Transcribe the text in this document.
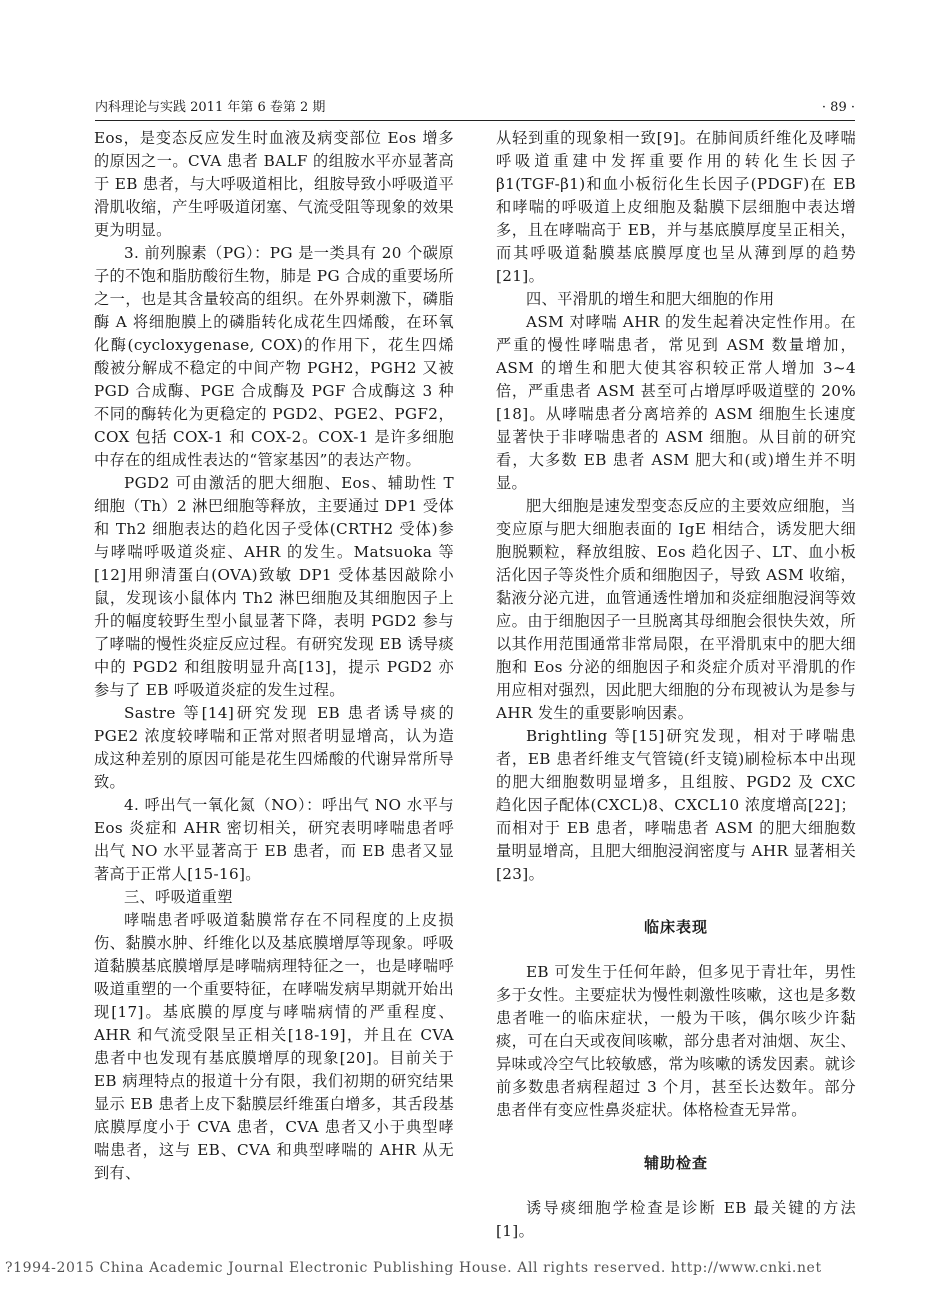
内科理论与实践 2011 年第 6 卷第 2 期	· 89 ·

Eos，是变态反应发生时血液及病变部位 Eos 增多的原因之一。CVA 患者 BALF 的组胺水平亦显著高于 EB 患者，与大呼吸道相比，组胺导致小呼吸道平滑肌收缩，产生呼吸道闭塞、气流受阻等现象的效果更为明显。

3. 前列腺素（PG）：PG 是一类具有 20 个碳原子的不饱和脂肪酸衍生物，肺是 PG 合成的重要场所之一，也是其含量较高的组织。在外界刺激下，磷脂酶 A 将细胞膜上的磷脂转化成花生四烯酸，在环氧化酶(cycloxygenase, COX)的作用下，花生四烯酸被分解成不稳定的中间产物 PGH2，PGH2 又被 PGD 合成酶、PGE 合成酶及 PGF 合成酶这 3 种不同的酶转化为更稳定的 PGD2、PGE2、PGF2，COX 包括 COX-1 和 COX-2。COX-1 是许多细胞中存在的组成性表达的“管家基因”的表达产物。

PGD2 可由激活的肥大细胞、Eos、辅助性 T 细胞（Th）2 淋巴细胞等释放，主要通过 DP1 受体和 Th2 细胞表达的趋化因子受体(CRTH2 受体)参与哮喘呼吸道炎症、AHR 的发生。Matsuoka 等[12]用卵清蛋白(OVA)致敏 DP1 受体基因敲除小鼠，发现该小鼠体内 Th2 淋巴细胞及其细胞因子上升的幅度较野生型小鼠显著下降，表明 PGD2 参与了哮喘的慢性炎症反应过程。有研究发现 EB 诱导痰中的 PGD2 和组胺明显升高[13]，提示 PGD2 亦参与了 EB 呼吸道炎症的发生过程。

Sastre 等[14]研究发现 EB 患者诱导痰的 PGE2 浓度较哮喘和正常对照者明显增高，认为造成这种差别的原因可能是花生四烯酸的代谢异常所导致。

4. 呼出气一氧化氮（NO）：呼出气 NO 水平与 Eos 炎症和 AHR 密切相关，研究表明哮喘患者呼出气 NO 水平显著高于 EB 患者，而 EB 患者又显著高于正常人[15-16]。

三、呼吸道重塑

哮喘患者呼吸道黏膜常存在不同程度的上皮损伤、黏膜水肿、纤维化以及基底膜增厚等现象。呼吸道黏膜基底膜增厚是哮喘病理特征之一，也是哮喘呼吸道重塑的一个重要特征，在哮喘发病早期就开始出现[17]。基底膜的厚度与哮喘病情的严重程度、AHR 和气流受限呈正相关[18-19]，并且在 CVA 患者中也发现有基底膜增厚的现象[20]。目前关于 EB 病理特点的报道十分有限，我们初期的研究结果显示 EB 患者上皮下黏膜层纤维蛋白增多，其舌段基底膜厚度小于 CVA 患者，CVA 患者又小于典型哮喘患者，这与 EB、CVA 和典型哮喘的 AHR 从无到有、

从轻到重的现象相一致[9]。在肺间质纤维化及哮喘呼吸道重建中发挥重要作用的转化生长因子 β1(TGF-β1)和血小板衍化生长因子(PDGF)在 EB 和哮喘的呼吸道上皮细胞及黏膜下层细胞中表达增多，且在哮喘高于 EB，并与基底膜厚度呈正相关，而其呼吸道黏膜基底膜厚度也呈从薄到厚的趋势[21]。

四、平滑肌的增生和肥大细胞的作用

ASM 对哮喘 AHR 的发生起着决定性作用。在严重的慢性哮喘患者，常见到 ASM 数量增加，ASM 的增生和肥大使其容积较正常人增加 3~4 倍，严重患者 ASM 甚至可占增厚呼吸道壁的 20%[18]。从哮喘患者分离培养的 ASM 细胞生长速度显著快于非哮喘患者的 ASM 细胞。从目前的研究看，大多数 EB 患者 ASM 肥大和(或)增生并不明显。

肥大细胞是速发型变态反应的主要效应细胞，当变应原与肥大细胞表面的 IgE 相结合，诱发肥大细胞脱颗粒，释放组胺、Eos 趋化因子、LT、血小板活化因子等炎性介质和细胞因子，导致 ASM 收缩，黏液分泌亢进，血管通透性增加和炎症细胞浸润等效应。由于细胞因子一旦脱离其母细胞会很快失效，所以其作用范围通常非常局限，在平滑肌束中的肥大细胞和 Eos 分泌的细胞因子和炎症介质对平滑肌的作用应相对强烈，因此肥大细胞的分布现被认为是参与 AHR 发生的重要影响因素。

Brightling 等[15]研究发现，相对于哮喘患者，EB 患者纤维支气管镜(纤支镜)刷检标本中出现的肥大细胞数明显增多，且组胺、PGD2 及 CXC 趋化因子配体(CXCL)8、CXCL10 浓度增高[22]；而相对于 EB 患者，哮喘患者 ASM 的肥大细胞数量明显增高，且肥大细胞浸润密度与 AHR 显著相关[23]。

临床表现

EB 可发生于任何年龄，但多见于青壮年，男性多于女性。主要症状为慢性刺激性咳嗽，这也是多数患者唯一的临床症状，一般为干咳，偶尔咳少许黏痰，可在白天或夜间咳嗽，部分患者对油烟、灰尘、异味或冷空气比较敏感，常为咳嗽的诱发因素。就诊前多数患者病程超过 3 个月，甚至长达数年。部分患者伴有变应性鼻炎症状。体格检查无异常。

辅助检查

诱导痰细胞学检查是诊断 EB 最关键的方法[1]。

?1994-2015 China Academic Journal Electronic Publishing House. All rights reserved. http://www.cnki.net
